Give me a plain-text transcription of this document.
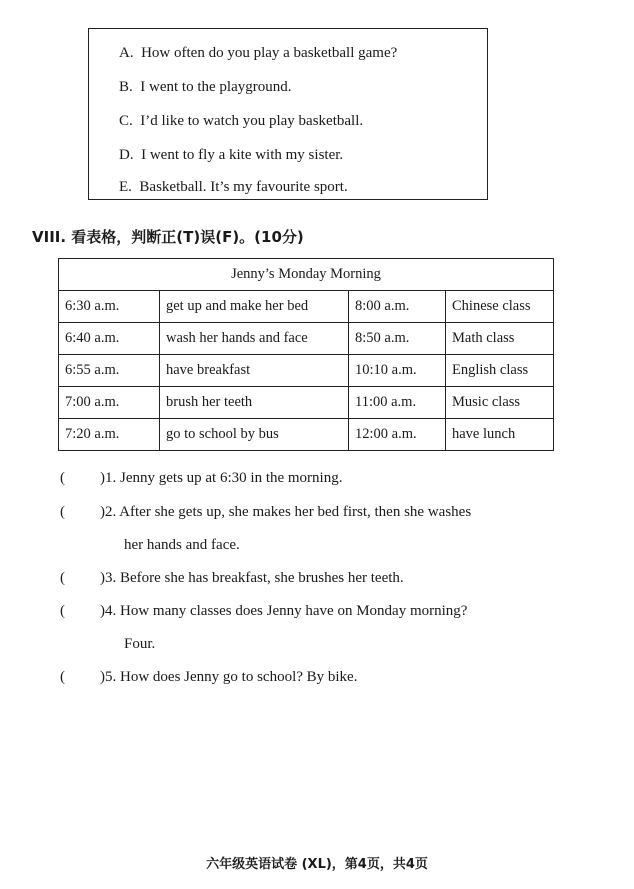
A. How often do you play a basketball game?
B. I went to the playground.
C. I’d like to watch you play basketball.
D. I went to fly a kite with my sister.
E. Basketball. It’s my favourite sport.
VIII. 看表格，判断正(T)误(F)。(10分)
Jenny’s Monday Morning			
6:30 a.m.	get up and make her bed	8:00 a.m.	Chinese class
6:40 a.m.	wash her hands and face	8:50 a.m.	Math class
6:55 a.m.	have breakfast	10:10 a.m.	English class
7:00 a.m.	brush her teeth	11:00 a.m.	Music class
7:20 a.m.	go to school by bus	12:00 a.m.	have lunch
( )1. Jenny gets up at 6:30 in the morning.
( )2. After she gets up, she makes her bed first, then she washes
her hands and face.
( )3. Before she has breakfast, she brushes her teeth.
( )4. How many classes does Jenny have on Monday morning?
Four.
( )5. How does Jenny go to school? By bike.
六年级英语试卷 (XL)，第4页，共4页
